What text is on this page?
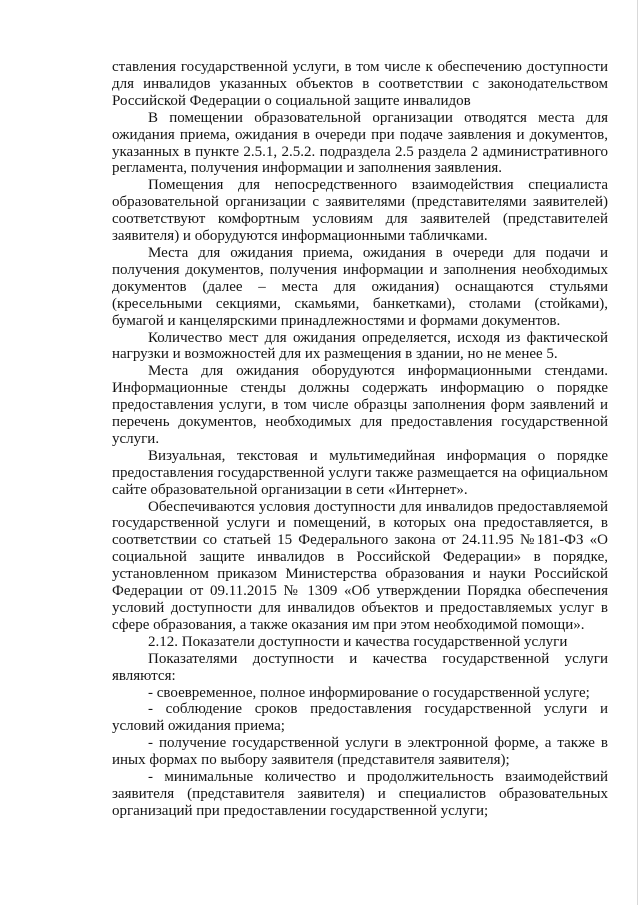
ставления государственной услуги, в том числе к обеспечению доступности для инвалидов указанных объектов в соответствии с законодательством Российской Федерации о социальной защите инвалидов

В помещении образовательной организации отводятся места для ожидания приема, ожидания в очереди при подаче заявления и документов, указанных в пункте 2.5.1, 2.5.2. подраздела 2.5 раздела 2 административного регламента, получения информации и заполнения заявления.

Помещения для непосредственного взаимодействия специалиста образовательной организации с заявителями (представителями заявителей) соответствуют комфортным условиям для заявителей (представителей заявителя) и оборудуются информационными табличками.

Места для ожидания приема, ожидания в очереди для подачи и получения документов, получения информации и заполнения необходимых документов (далее – места для ожидания) оснащаются стульями (кресельными секциями, скамьями, банкетками), столами (стойками), бумагой и канцелярскими принадлежностями и формами документов.

Количество мест для ожидания определяется, исходя из фактической нагрузки и возможностей для их размещения в здании, но не менее 5.

Места для ожидания оборудуются информационными стендами. Информационные стенды должны содержать информацию о порядке предоставления услуги, в том числе образцы заполнения форм заявлений и перечень документов, необходимых для предоставления государственной услуги.

Визуальная, текстовая и мультимедийная информация о порядке предоставления государственной услуги также размещается на официальном сайте образовательной организации в сети «Интернет».

Обеспечиваются условия доступности для инвалидов предоставляемой государственной услуги и помещений, в которых она предоставляется, в соответствии со статьей 15 Федерального закона от 24.11.95 №181-ФЗ «О социальной защите инвалидов в Российской Федерации» в порядке, установленном приказом Министерства образования и науки Российской Федерации от 09.11.2015 № 1309 «Об утверждении Порядка обеспечения условий доступности для инвалидов объектов и предоставляемых услуг в сфере образования, а также оказания им при этом необходимой помощи».

2.12. Показатели доступности и качества государственной услуги

Показателями доступности и качества государственной услуги являются:

- своевременное, полное информирование о государственной услуге;

- соблюдение сроков предоставления государственной услуги и условий ожидания приема;

- получение государственной услуги в электронной форме, а также в иных формах по выбору заявителя (представителя заявителя);

- минимальные количество и продолжительность взаимодействий заявителя (представителя заявителя) и специалистов образовательных организаций при предоставлении государственной услуги;
